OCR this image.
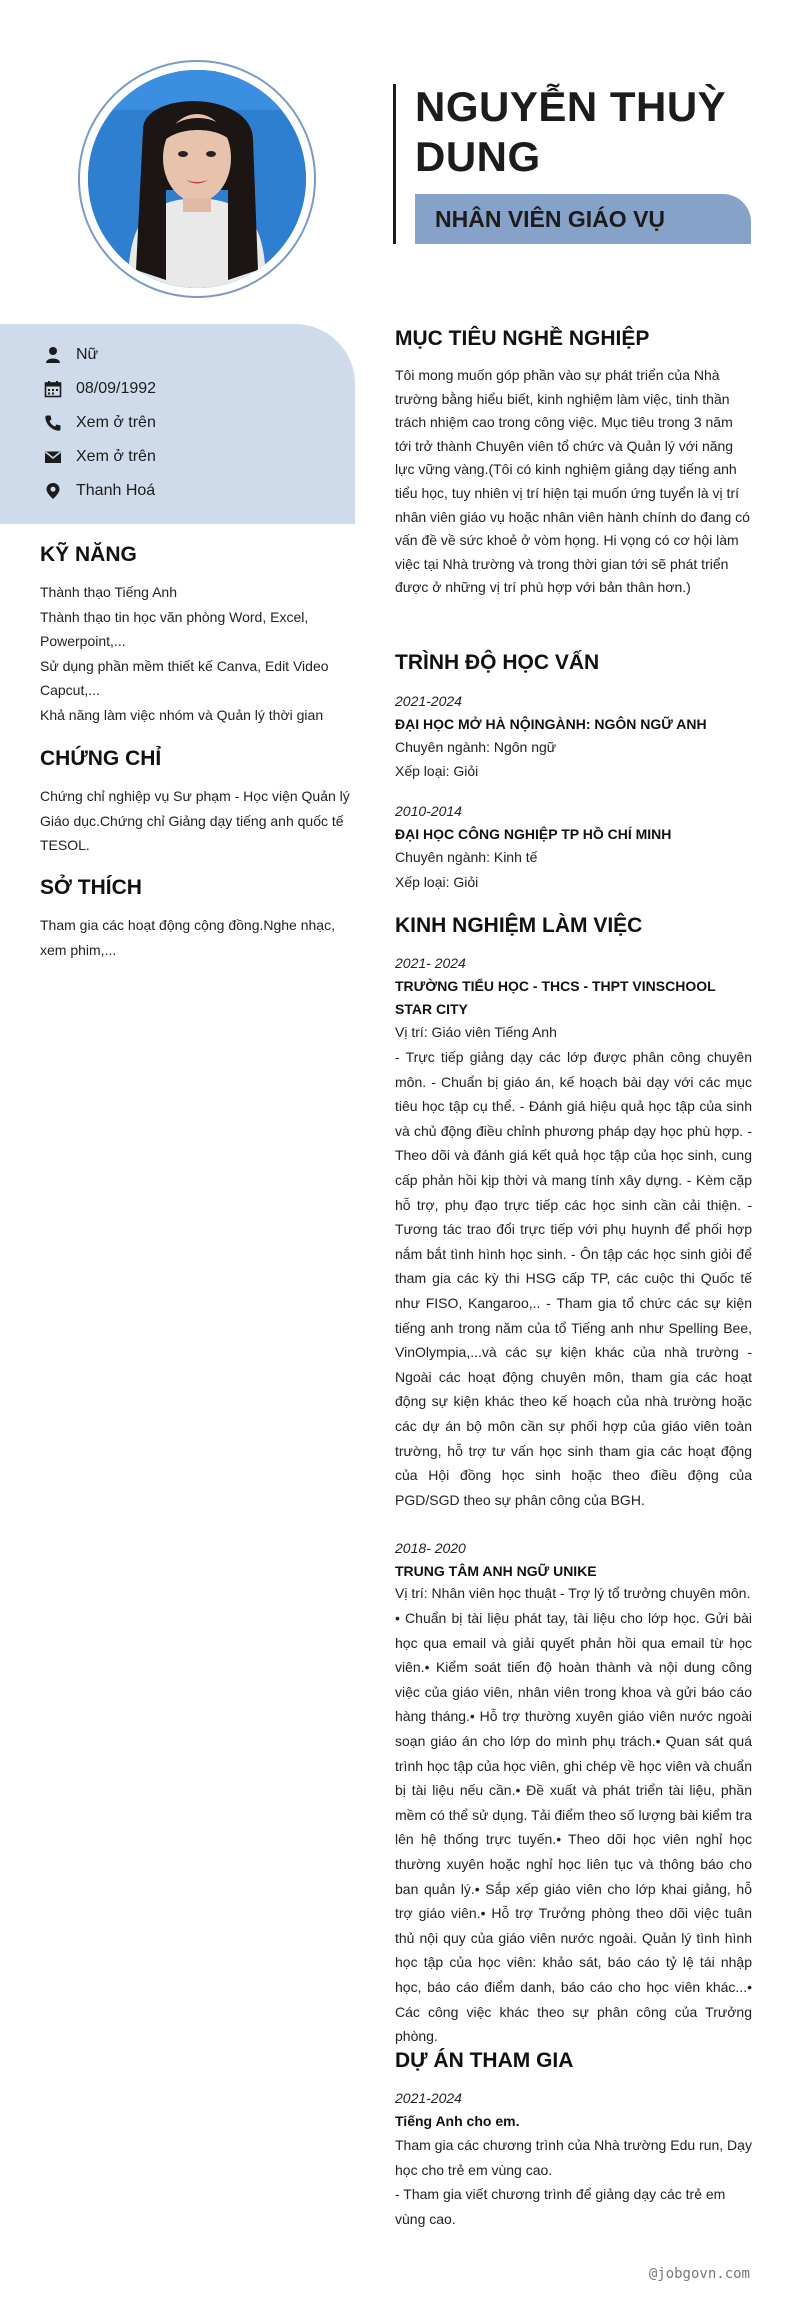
NGUYỄN THUỲ DUNG
NHÂN VIÊN GIÁO VỤ
Nữ
08/09/1992
Xem ở trên
Xem ở trên
Thanh Hoá
KỸ NĂNG
Thành thạo Tiếng Anh
Thành thạo tin học văn phòng Word, Excel, Powerpoint,...
Sử dụng phần mềm thiết kế Canva, Edit Video Capcut,...
Khả năng làm việc nhóm và Quản lý thời gian
CHỨNG CHỈ
Chứng chỉ nghiệp vụ Sư phạm - Học viện Quản lý Giáo dục.Chứng chỉ Giảng dạy tiếng anh quốc tế TESOL.
SỞ THÍCH
Tham gia các hoạt động cộng đồng.Nghe nhạc, xem phim,...
MỤC TIÊU NGHỀ NGHIỆP
Tôi mong muốn góp phần vào sự phát triển của Nhà trường bằng hiểu biết, kinh nghiệm làm việc, tinh thần trách nhiệm cao trong công việc. Mục tiêu trong 3 năm tới trở thành Chuyên viên tổ chức và Quản lý với năng lực vững vàng.(Tôi có kinh nghiệm giảng dạy tiếng anh tiểu học, tuy nhiên vị trí hiện tại muốn ứng tuyển là vị trí nhân viên giáo vụ hoặc nhân viên hành chính do đang có vấn đề về sức khoẻ ở vòm họng. Hi vọng có cơ hội làm việc tại Nhà trường và trong thời gian tới sẽ phát triển được ở những vị trí phù hợp với bản thân hơn.)
TRÌNH ĐỘ HỌC VẤN
2021-2024
ĐẠI HỌC MỞ HÀ NỘINGÀNH: NGÔN NGỮ ANH
Chuyên ngành: Ngôn ngữ
Xếp loại: Giỏi
2010-2014
ĐẠI HỌC CÔNG NGHIỆP TP HỒ CHÍ MINH
Chuyên ngành: Kinh tế
Xếp loại: Giỏi
KINH NGHIỆM LÀM VIỆC
2021- 2024
TRƯỜNG TIỂU HỌC - THCS - THPT VINSCHOOL STAR CITY
Vị trí: Giáo viên Tiếng Anh
- Trực tiếp giảng dạy các lớp được phân công chuyên môn. - Chuẩn bị giáo án, kế hoạch bài dạy với các mục tiêu học tập cụ thể. - Đánh giá hiệu quả học tập của sinh và chủ động điều chỉnh phương pháp dạy học phù hợp. - Theo dõi và đánh giá kết quả học tập của học sinh, cung cấp phản hồi kịp thời và mang tính xây dựng. - Kèm cặp hỗ trợ, phụ đạo trực tiếp các học sinh cần cải thiện. - Tương tác trao đổi trực tiếp với phụ huynh để phối hợp nắm bắt tình hình học sinh. - Ôn tập các học sinh giỏi để tham gia các kỳ thi HSG cấp TP, các cuộc thi Quốc tế như FISO, Kangaroo,.. - Tham gia tổ chức các sự kiện tiếng anh trong năm của tổ Tiếng anh như Spelling Bee, VinOlympia,...và các sự kiện khác của nhà trường - Ngoài các hoạt động chuyên môn, tham gia các hoạt động sự kiện khác theo kế hoạch của nhà trường hoặc các dự án bộ môn cần sự phối hợp của giáo viên toàn trường, hỗ trợ tư vấn học sinh tham gia các hoạt động của Hội đồng học sinh hoặc theo điều động của PGD/SGD theo sự phân công của BGH.
2018- 2020
TRUNG TÂM ANH NGỮ UNIKE
Vị trí: Nhân viên học thuật - Trợ lý tổ trưởng chuyên môn.
• Chuẩn bị tài liệu phát tay, tài liệu cho lớp học. Gửi bài học qua email và giải quyết phản hồi qua email từ học viên.• Kiểm soát tiến độ hoàn thành và nội dung công việc của giáo viên, nhân viên trong khoa và gửi báo cáo hàng tháng.• Hỗ trợ thường xuyên giáo viên nước ngoài soạn giáo án cho lớp do mình phụ trách.• Quan sát quá trình học tập của học viên, ghi chép về học viên và chuẩn bị tài liệu nếu cần.• Đề xuất và phát triển tài liệu, phần mềm có thể sử dụng. Tải điểm theo số lượng bài kiểm tra lên hệ thống trực tuyến.• Theo dõi học viên nghỉ học thường xuyên hoặc nghỉ học liên tục và thông báo cho ban quản lý.• Sắp xếp giáo viên cho lớp khai giảng, hỗ trợ giáo viên.• Hỗ trợ Trưởng phòng theo dõi việc tuân thủ nội quy của giáo viên nước ngoài. Quản lý tình hình học tập của học viên: khảo sát, báo cáo tỷ lệ tái nhập học, báo cáo điểm danh, báo cáo cho học viên khác...• Các công việc khác theo sự phân công của Trưởng phòng.
DỰ ÁN THAM GIA
2021-2024
Tiếng Anh cho em.
Tham gia các chương trình của Nhà trường Edu run, Dạy học cho trẻ em vùng cao.
- Tham gia viết chương trình để giảng dạy các trẻ em vùng cao.
@jobgovn.com
